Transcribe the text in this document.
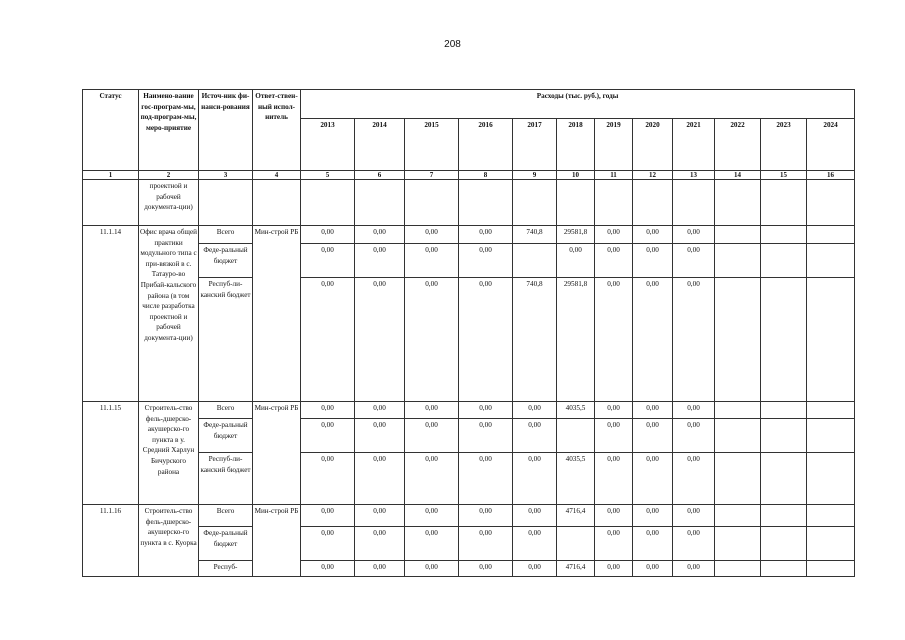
208
Статус	Наимено-вание гос-програм-мы, под-програм-мы, меро-приятие	Источ-ник фи-нанси-рования	Ответ-ствен-ный испол-нитель	Расходы (тыс. руб.), годы											
				2013	2014	2015	2016	2017	2018	2019	2020	2021	2022	2023	2024
1	2	3	4	5	6	7	8	9	10	11	12	13	14	15	16
	проектной и рабочей документа-ции)														
11.1.14	Офис врача общей практики модульного типа с при-вязкой в с. Татауро-во Прибай-кальского района (в том числе разработка проектной и рабочей документа-ции)	Всего	Мин-строй РБ	0,00	0,00	0,00	0,00	740,8	29581,8	0,00	0,00	0,00			
		Феде-ральный бюджет		0,00	0,00	0,00	0,00		0,00	0,00	0,00	0,00			
		Респуб-ли-канский бюджет		0,00	0,00	0,00	0,00	740,8	29581,8	0,00	0,00	0,00			
11.1.15	Строитель-ство фель-дшерско-акушерско-го пункта в у. Средний Харлун Бичурского района	Всего	Мин-строй РБ	0,00	0,00	0,00	0,00	0,00	4035,5	0,00	0,00	0,00			
		Феде-ральный бюджет		0,00	0,00	0,00	0,00	0,00		0,00	0,00	0,00			
		Респуб-ли-канский бюджет		0,00	0,00	0,00	0,00	0,00	4035,5	0,00	0,00	0,00			
11.1.16	Строитель-ство фель-дшерско-акушерско-го пункта в с. Куорка	Всего	Мин-строй РБ	0,00	0,00	0,00	0,00	0,00	4716,4	0,00	0,00	0,00			
		Феде-ральный бюджет		0,00	0,00	0,00	0,00	0,00		0,00	0,00	0,00			
		Респуб-		0,00	0,00	0,00	0,00	0,00	4716,4	0,00	0,00	0,00			
